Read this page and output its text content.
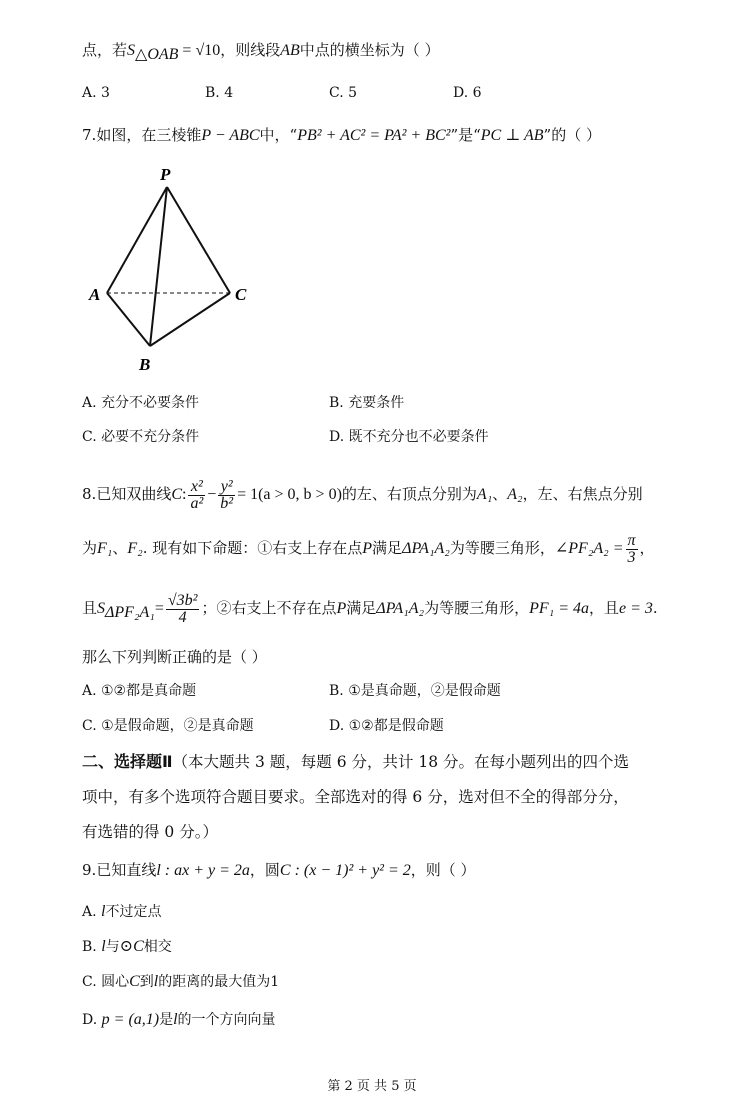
点，若$S_{\triangle OAB} = √10$，则线段AB中点的横坐标为（ ）
A. 3	B. 4	C. 5	D. 6
7.如图，在三棱锥P − ABC中，“PB² + AC² = PA² + BC²”是“PC ⊥ AB”的（ ）
P
A	C
B
A. 充分不必要条件	B. 充要条件
C. 必要不充分条件	D. 既不充分也不必要条件
8.已知双曲线C: $\frac{\text{x²}}{\text{a²}} - \frac{\text{y²}}{\text{b²}} = 1(a > 0$, b > 0)的左、右顶点分别为A₁、A₂，左、右焦点分别
为F₁、F₂. 现有如下命题：①右支上存在点P满足ΔPA₁A₂为等腰三角形，∠PF₂A₂ = $\frac{\pi}{3}$ ，
且$S_{\Delta PF_2A_1}= \frac{\text{√3b²}}{4}$ ；②右支上不存在点P满足ΔPA₁A₂为等腰三角形，PF₁ = 4a，且e = 3.
那么下列判断正确的是（ ）
A. ①②都是真命题	B. ①是真命题，②是假命题
C. ①是假命题，②是真命题	D. ①②都是假命题
二、选择题Ⅱ（本大题共 3 题，每题 6 分，共计 18 分。在每小题列出的四个选
项中，有多个选项符合题目要求。全部选对的得 6 分，选对但不全的得部分分，
有选错的得 0 分。）
9.已知直线l : ax + y = 2a，圆C : (x − 1)² + y² = 2，则（ ）
A. l不过定点
B. l与⊙C相交
C. 圆心C到l的距离的最大值为1
D. p = (a,1)是l的一个方向向量
第 2 页 共 5 页
